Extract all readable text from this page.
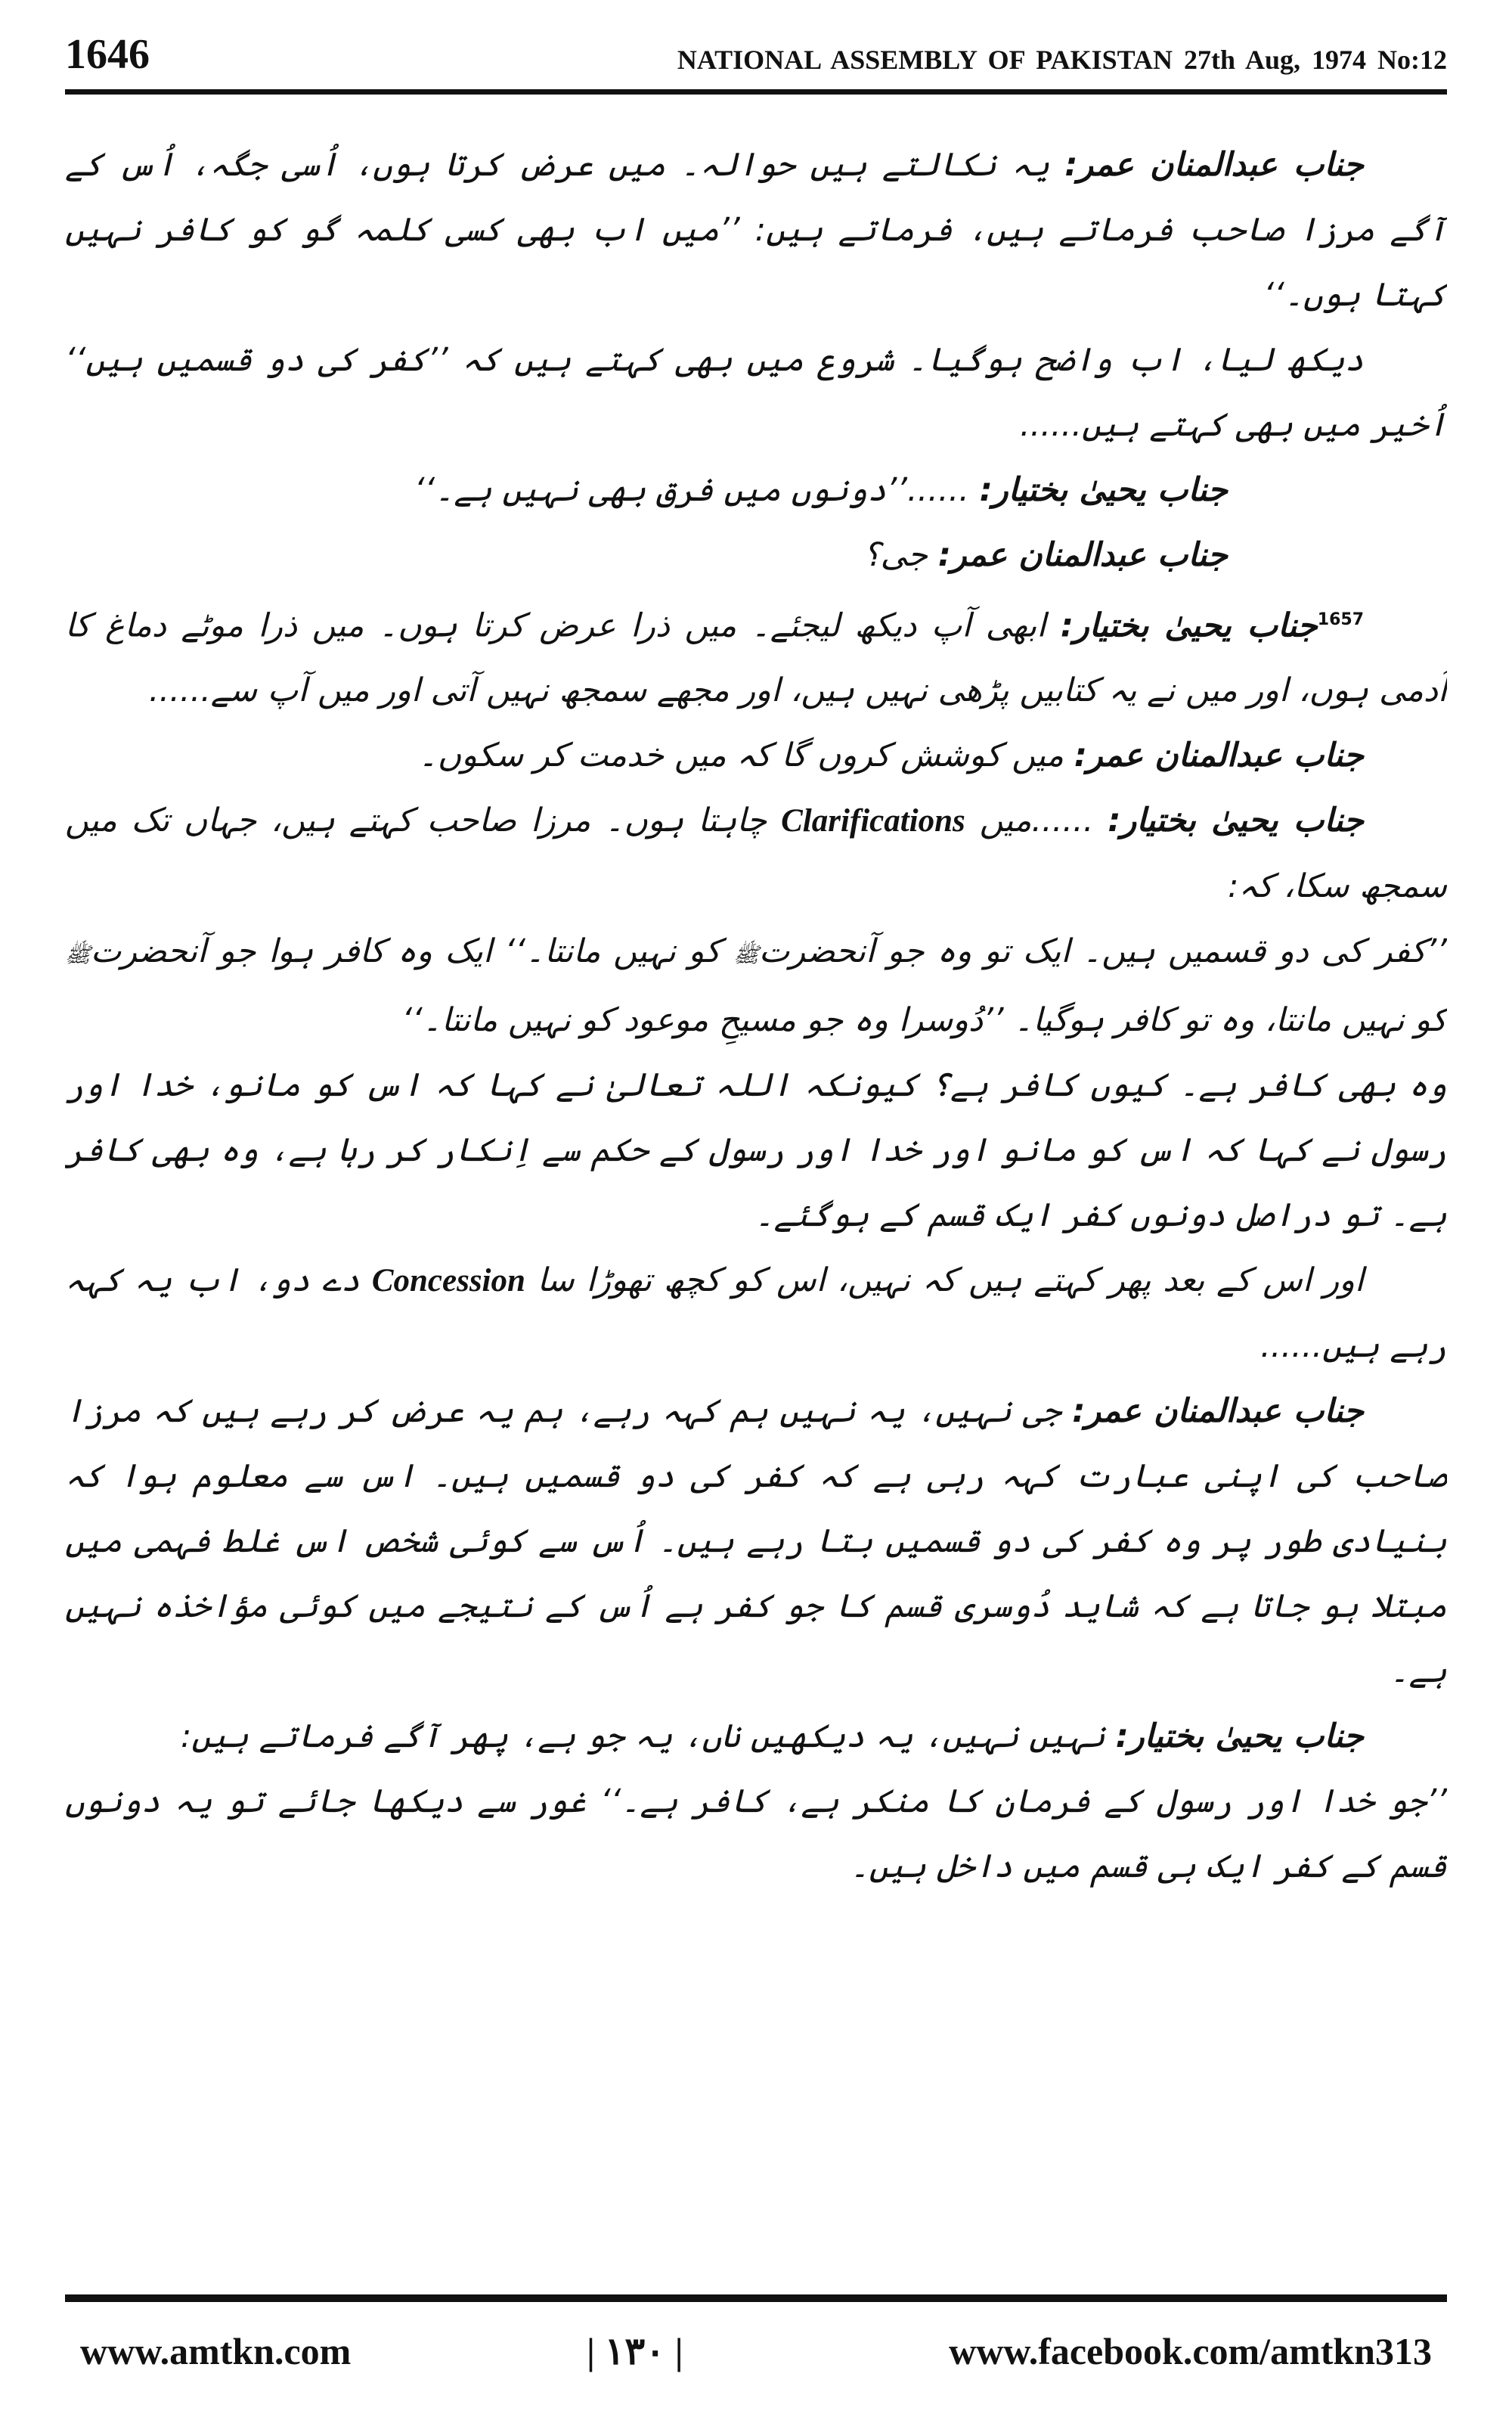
1646	NATIONAL ASSEMBLY OF PAKISTAN 27th Aug, 1974 No:12

جناب عبدالمنان عمر: یہ نکالتے ہیں حوالہ۔ میں عرض کرتا ہوں، اُسی جگہ، اُس کے آگے مرزا صاحب فرماتے ہیں، فرماتے ہیں: ’’میں اب بھی کسی کلمہ گو کو کافر نہیں کہتا ہوں۔‘‘

دیکھ لیا، اب واضح ہوگیا۔ شروع میں بھی کہتے ہیں کہ ’’کفر کی دو قسمیں ہیں‘‘ اُخیر میں بھی کہتے ہیں......

جناب یحییٰ بختیار: ......’’دونوں میں فرق بھی نہیں ہے۔‘‘

جناب عبدالمنان عمر: جی؟

$^{1657}$جناب یحییٰ بختیار: ابھی آپ دیکھ لیجئے۔ میں ذرا عرض کرتا ہوں۔ میں ذرا موٹے دماغ کا آدمی ہوں، اور میں نے یہ کتابیں پڑھی نہیں ہیں، اور مجھے سمجھ نہیں آتی اور میں آپ سے......

جناب عبدالمنان عمر: میں کوشش کروں گا کہ میں خدمت کر سکوں۔

جناب یحییٰ بختیار: ......میں Clarifications چاہتا ہوں۔ مرزا صاحب کہتے ہیں، جہاں تک میں سمجھ سکا، کہ:

’’کفر کی دو قسمیں ہیں۔ ایک تو وہ جو آنحضرتﷺ کو نہیں مانتا۔‘‘ ایک وہ کافر ہوا جو آنحضرتﷺ کو نہیں مانتا، وہ تو کافر ہوگیا۔ ’’دُوسرا وہ جو مسیحِ موعود کو نہیں مانتا۔‘‘

وہ بھی کافر ہے۔ کیوں کافر ہے؟ کیونکہ اللہ تعالیٰ نے کہا کہ اس کو مانو، خدا اور رسول نے کہا کہ اس کو مانو اور خدا اور رسول کے حکم سے اِنکار کر رہا ہے، وہ بھی کافر ہے۔ تو دراصل دونوں کفر ایک قسم کے ہوگئے۔

اور اس کے بعد پھر کہتے ہیں کہ نہیں، اس کو کچھ تھوڑا سا Concession دے دو، اب یہ کہہ رہے ہیں......

جناب عبدالمنان عمر: جی نہیں، یہ نہیں ہم کہہ رہے، ہم یہ عرض کر رہے ہیں کہ مرزا صاحب کی اپنی عبارت کہہ رہی ہے کہ کفر کی دو قسمیں ہیں۔ اس سے معلوم ہوا کہ بنیادی طور پر وہ کفر کی دو قسمیں بتا رہے ہیں۔ اُس سے کوئی شخص اس غلط فہمی میں مبتلا ہو جاتا ہے کہ شاید دُوسری قسم کا جو کفر ہے اُس کے نتیجے میں کوئی مؤاخذہ نہیں ہے۔

جناب یحییٰ بختیار: نہیں نہیں، یہ دیکھیں ناں، یہ جو ہے، پھر آگے فرماتے ہیں:

’’جو خدا اور رسول کے فرمان کا منکر ہے، کافر ہے۔‘‘ غور سے دیکھا جائے تو یہ دونوں قسم کے کفر ایک ہی قسم میں داخل ہیں۔

www.amtkn.com	| ۱۳۰ |	www.facebook.com/amtkn313
